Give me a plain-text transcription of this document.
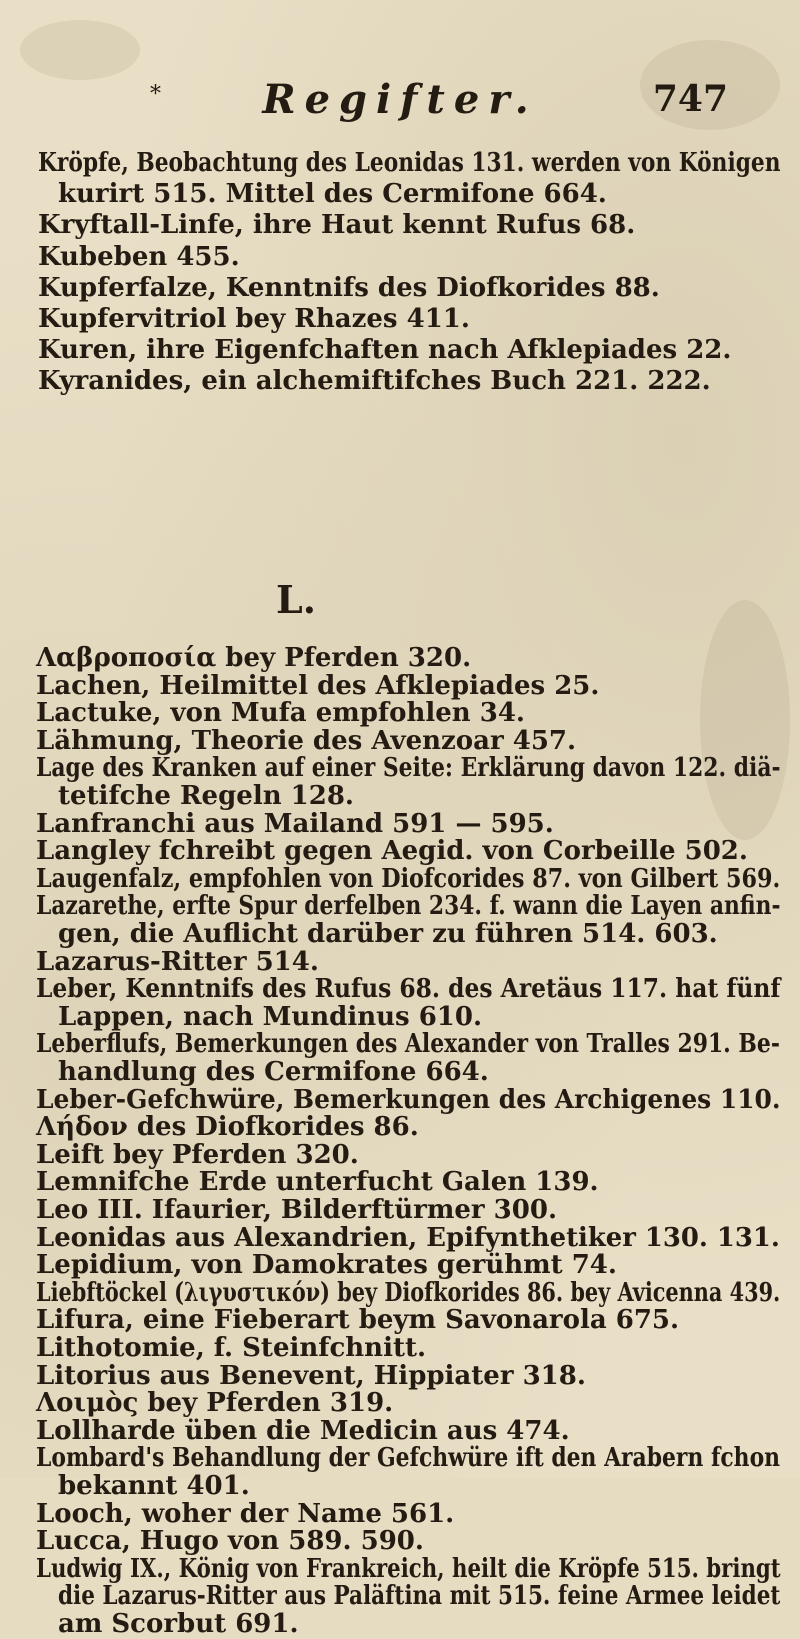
*	Regifter.	747
Kröpfe, Beobachtung des Leonidas 131. werden von Königen
kurirt 515. Mittel des Cermifone 664.
Kryftall-Linfe, ihre Haut kennt Rufus 68.
Kubeben 455.
Kupferfalze, Kenntnifs des Diofkorides 88.
Kupfervitriol bey Rhazes 411.
Kuren, ihre Eigenfchaften nach Afklepiades 22.
Kyranides, ein alchemiftifches Buch 221. 222.
L.
Λαβροποσία bey Pferden 320.
Lachen, Heilmittel des Afklepiades 25.
Lactuke, von Mufa empfohlen 34.
Lähmung, Theorie des Avenzoar 457.
Lage des Kranken auf einer Seite: Erklärung davon 122. diä-
tetifche Regeln 128.
Lanfranchi aus Mailand 591 — 595.
Langley fchreibt gegen Aegid. von Corbeille 502.
Laugenfalz, empfohlen von Diofcorides 87. von Gilbert 569.
Lazarethe, erfte Spur derfelben 234. f. wann die Layen anfin-
gen, die Auflicht darüber zu führen 514. 603.
Lazarus-Ritter 514.
Leber, Kenntnifs des Rufus 68. des Aretäus 117. hat fünf
Lappen, nach Mundinus 610.
Leberflufs, Bemerkungen des Alexander von Tralles 291. Be-
handlung des Cermifone 664.
Leber-Gefchwüre, Bemerkungen des Archigenes 110.
Λήδον des Diofkorides 86.
Leift bey Pferden 320.
Lemnifche Erde unterfucht Galen 139.
Leo III. Ifaurier, Bilderftürmer 300.
Leonidas aus Alexandrien, Epifynthetiker 130. 131.
Lepidium, von Damokrates gerühmt 74.
Liebftöckel (λιγυστικόν) bey Diofkorides 86. bey Avicenna 439.
Lifura, eine Fieberart beym Savonarola 675.
Lithotomie, f. Steinfchnitt.
Litorius aus Benevent, Hippiater 318.
Λοιμὸς bey Pferden 319.
Lollharde üben die Medicin aus 474.
Lombard's Behandlung der Gefchwüre ift den Arabern fchon
bekannt 401.
Looch, woher der Name 561.
Lucca, Hugo von 589. 590.
Ludwig IX., König von Frankreich, heilt die Kröpfe 515. bringt
die Lazarus-Ritter aus Paläftina mit 515. feine Armee leidet
am Scorbut 691.
